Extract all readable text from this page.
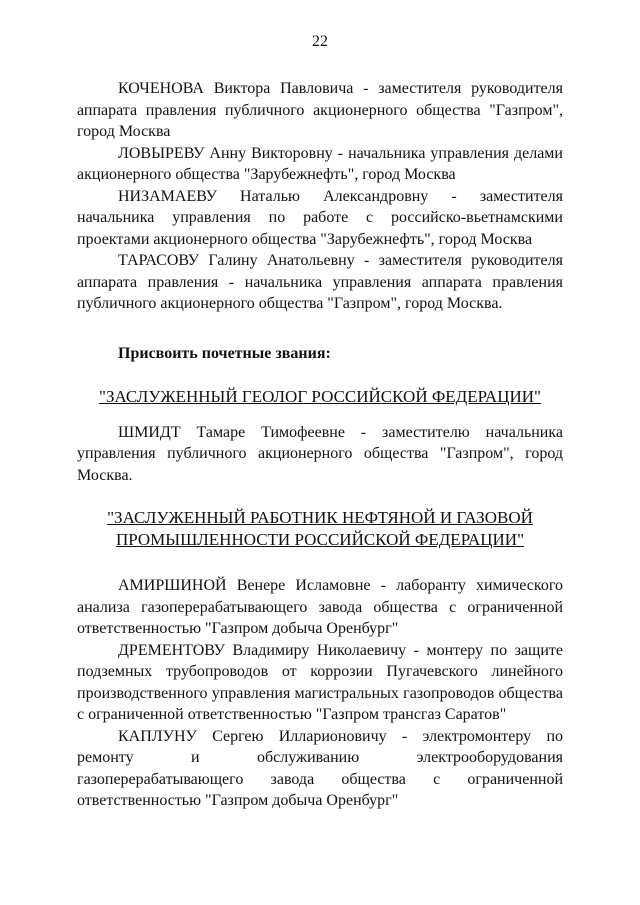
22

КОЧЕНОВА Виктора Павловича - заместителя руководителя аппарата правления публичного акционерного общества "Газпром", город Москва

ЛОВЫРЕВУ Анну Викторовну - начальника управления делами акционерного общества "Зарубежнефть", город Москва

НИЗАМАЕВУ Наталью Александровну - заместителя начальника управления по работе с российско-вьетнамскими проектами акционерного общества "Зарубежнефть", город Москва

ТАРАСОВУ Галину Анатольевну - заместителя руководителя аппарата правления - начальника управления аппарата правления публичного акционерного общества "Газпром", город Москва.

Присвоить почетные звания:

"ЗАСЛУЖЕННЫЙ ГЕОЛОГ РОССИЙСКОЙ ФЕДЕРАЦИИ"

ШМИДТ Тамаре Тимофеевне - заместителю начальника управления публичного акционерного общества "Газпром", город Москва.

"ЗАСЛУЖЕННЫЙ РАБОТНИК НЕФТЯНОЙ И ГАЗОВОЙ
ПРОМЫШЛЕННОСТИ РОССИЙСКОЙ ФЕДЕРАЦИИ"

АМИРШИНОЙ Венере Исламовне - лаборанту химического анализа газоперерабатывающего завода общества с ограниченной ответственностью "Газпром добыча Оренбург"

ДРЕМЕНТОВУ Владимиру Николаевичу - монтеру по защите подземных трубопроводов от коррозии Пугачевского линейного производственного управления магистральных газопроводов общества с ограниченной ответственностью "Газпром трансгаз Саратов"

КАПЛУНУ Сергею Илларионовичу - электромонтеру по ремонту и обслуживанию электрооборудования газоперерабатывающего завода общества с ограниченной ответственностью "Газпром добыча Оренбург"
